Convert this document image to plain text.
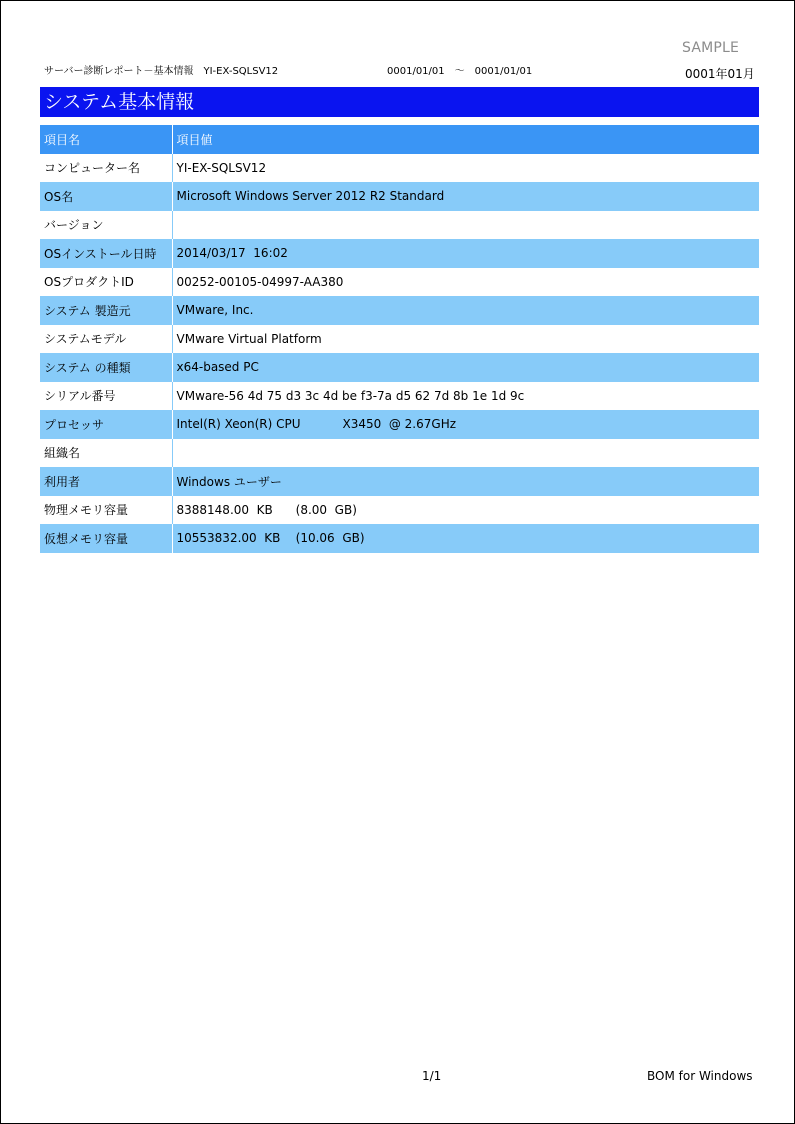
サーバー診断レポート－基本情報　YI-EX-SQLSV12	0001/01/01　～　0001/01/01
SAMPLE
0001年01月
システム基本情報
項目名	項目値
コンピューター名	YI-EX-SQLSV12
OS名	Microsoft Windows Server 2012 R2 Standard
バージョン	
OSインストール日時	2014/03/17  16:02
OSプロダクトID	00252-00105-04997-AA380
システム 製造元	VMware, Inc.
システムモデル	VMware Virtual Platform
システム の種類	x64-based PC
シリアル番号	VMware-56 4d 75 d3 3c 4d be f3-7a d5 62 7d 8b 1e 1d 9c
プロセッサ	Intel(R) Xeon(R) CPU           X3450  @ 2.67GHz
組織名	
利用者	Windows ユーザー
物理メモリ容量	8388148.00  KB      (8.00  GB)
仮想メモリ容量	10553832.00  KB    (10.06  GB)
1/1	BOM for Windows
